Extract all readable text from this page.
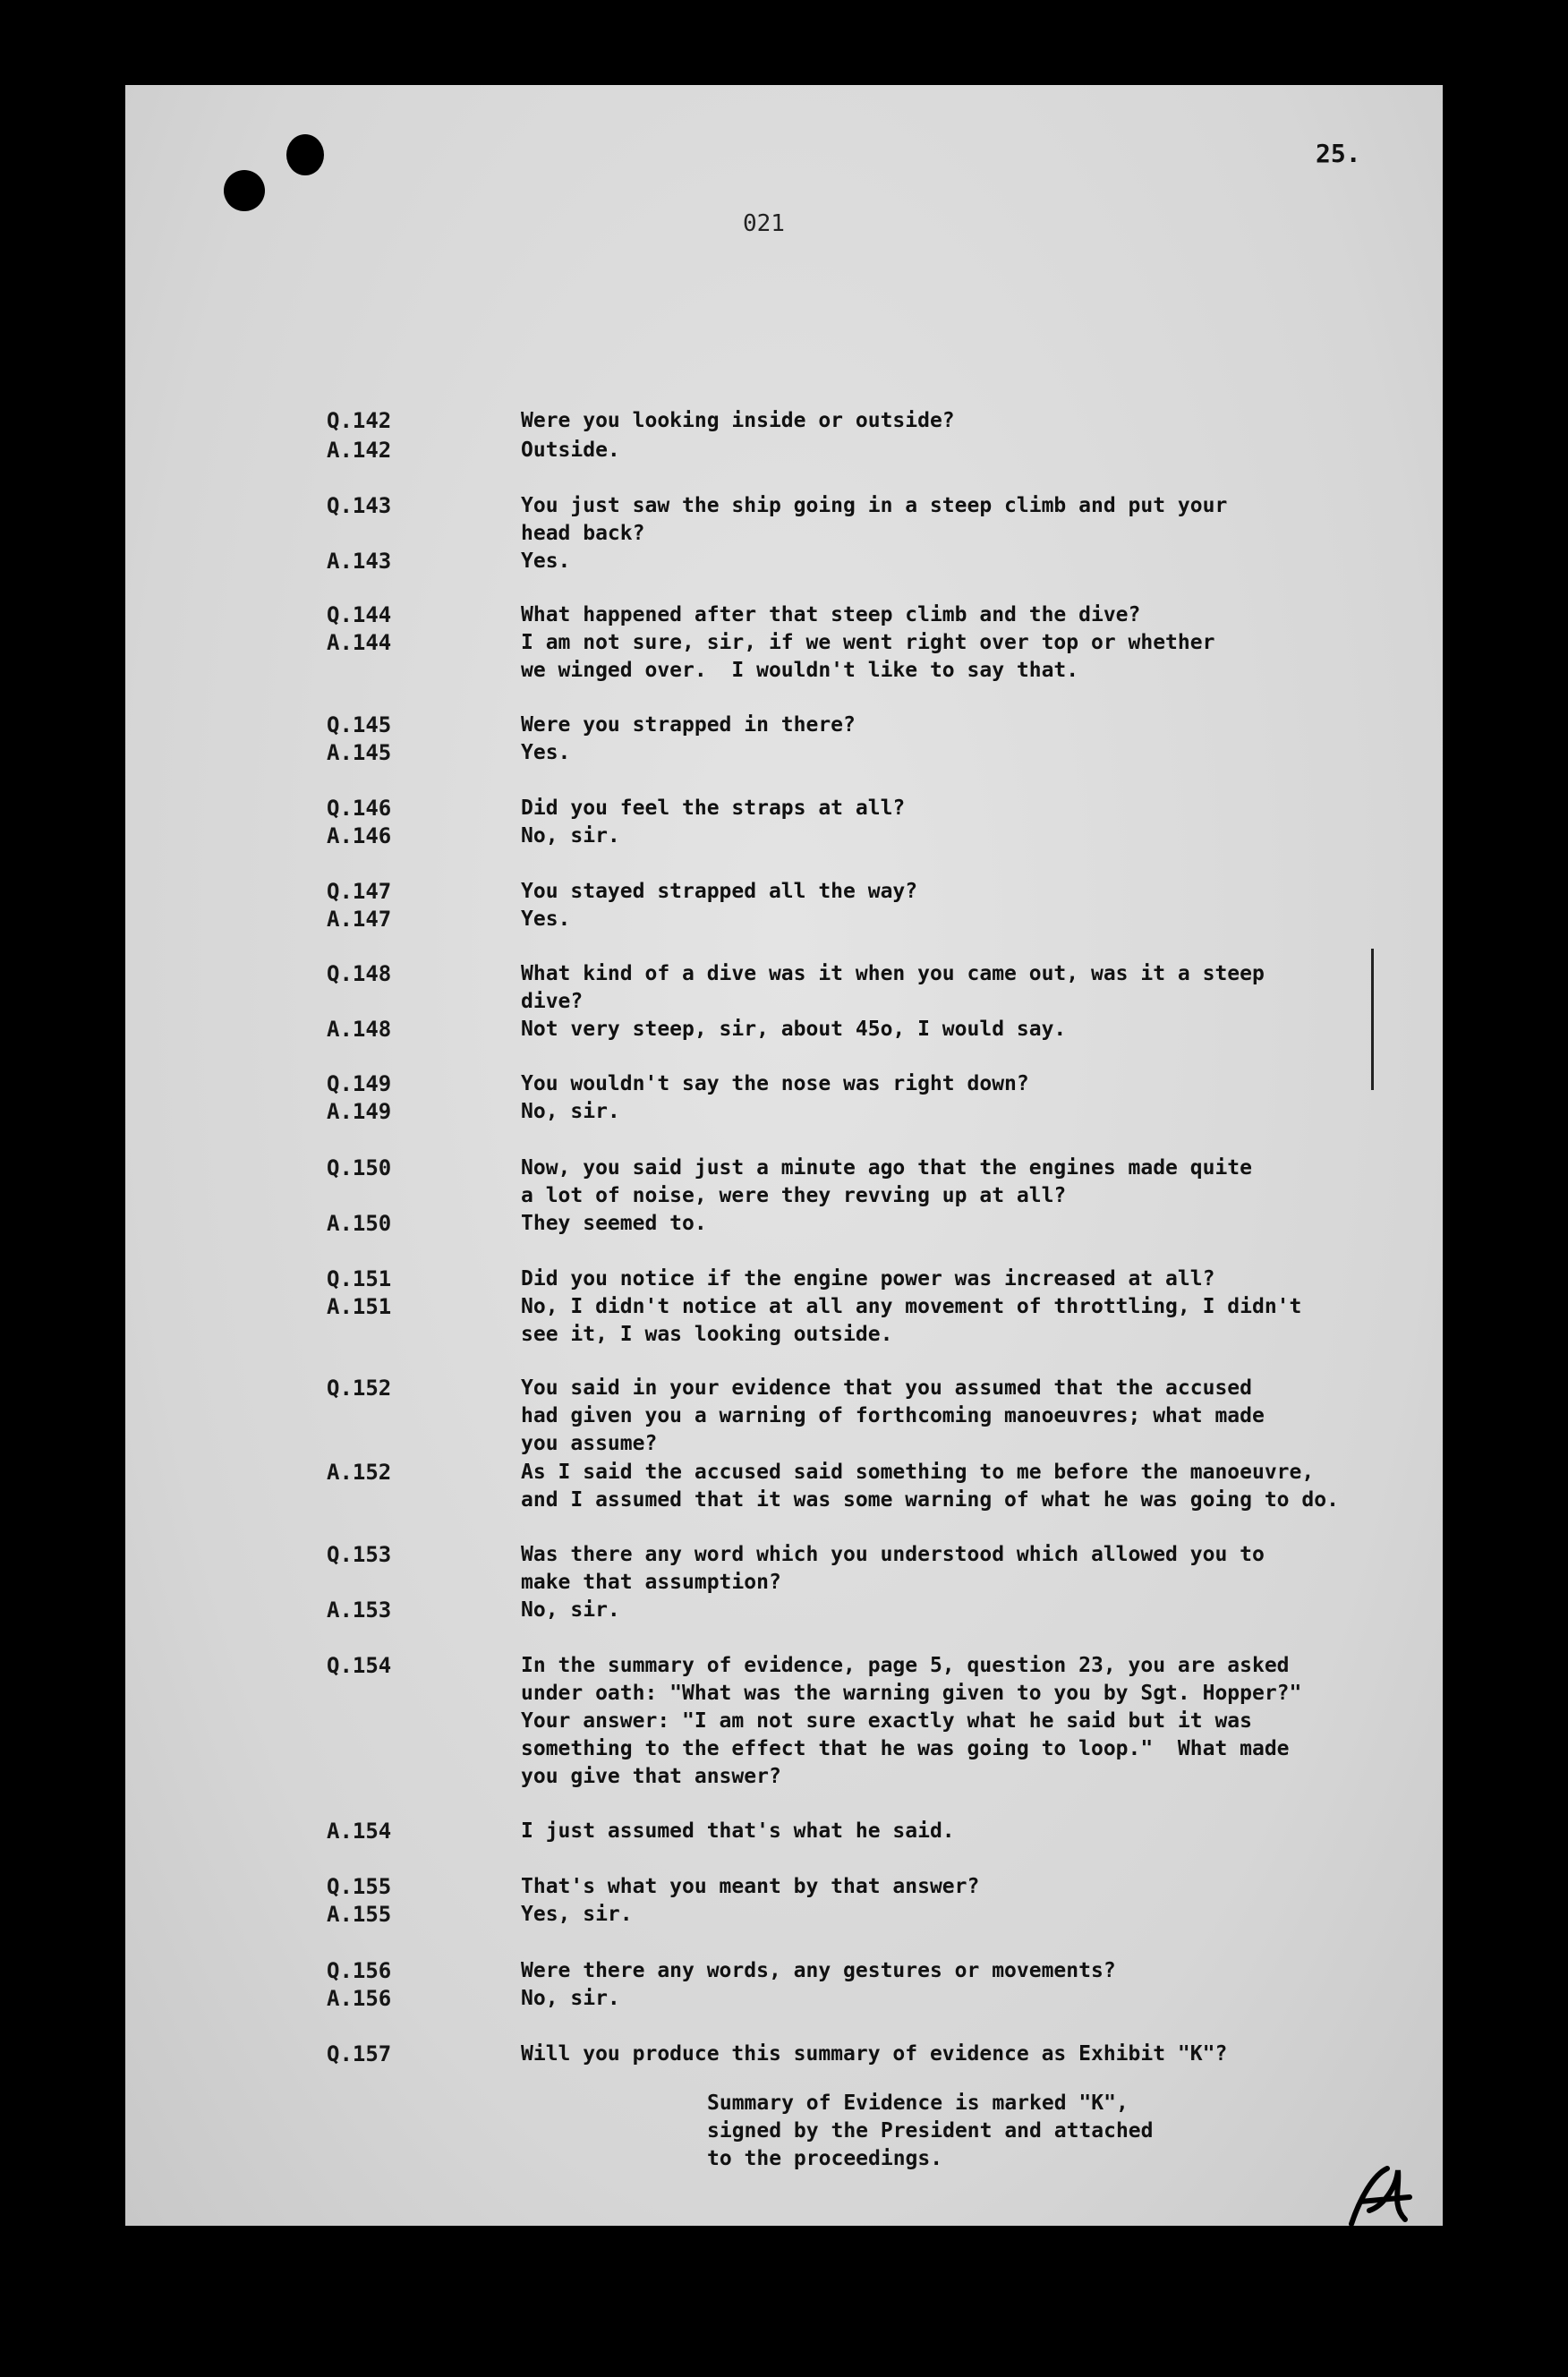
25.
021
Q.142	Were you looking inside or outside?
A.142	Outside.
Q.143	You just saw the ship going in a steep climb and put your
head back?
A.143	Yes.
Q.144	What happened after that steep climb and the dive?
A.144	I am not sure, sir, if we went right over top or whether
we winged over.  I wouldn't like to say that.
Q.145	Were you strapped in there?
A.145	Yes.
Q.146	Did you feel the straps at all?
A.146	No, sir.
Q.147	You stayed strapped all the way?
A.147	Yes.
Q.148	What kind of a dive was it when you came out, was it a steep
dive?
A.148	Not very steep, sir, about 45o, I would say.
Q.149	You wouldn't say the nose was right down?
A.149	No, sir.
Q.150	Now, you said just a minute ago that the engines made quite
a lot of noise, were they revving up at all?
A.150	They seemed to.
Q.151	Did you notice if the engine power was increased at all?
A.151	No, I didn't notice at all any movement of throttling, I didn't
see it, I was looking outside.
Q.152	You said in your evidence that you assumed that the accused
had given you a warning of forthcoming manoeuvres; what made
you assume?
A.152	As I said the accused said something to me before the manoeuvre,
and I assumed that it was some warning of what he was going to do.
Q.153	Was there any word which you understood which allowed you to
make that assumption?
A.153	No, sir.
Q.154	In the summary of evidence, page 5, question 23, you are asked
under oath: "What was the warning given to you by Sgt. Hopper?"
Your answer: "I am not sure exactly what he said but it was
something to the effect that he was going to loop."  What made
you give that answer?
A.154	I just assumed that's what he said.
Q.155	That's what you meant by that answer?
A.155	Yes, sir.
Q.156	Were there any words, any gestures or movements?
A.156	No, sir.
Q.157	Will you produce this summary of evidence as Exhibit "K"?
Summary of Evidence is marked "K",
signed by the President and attached
to the proceedings.
